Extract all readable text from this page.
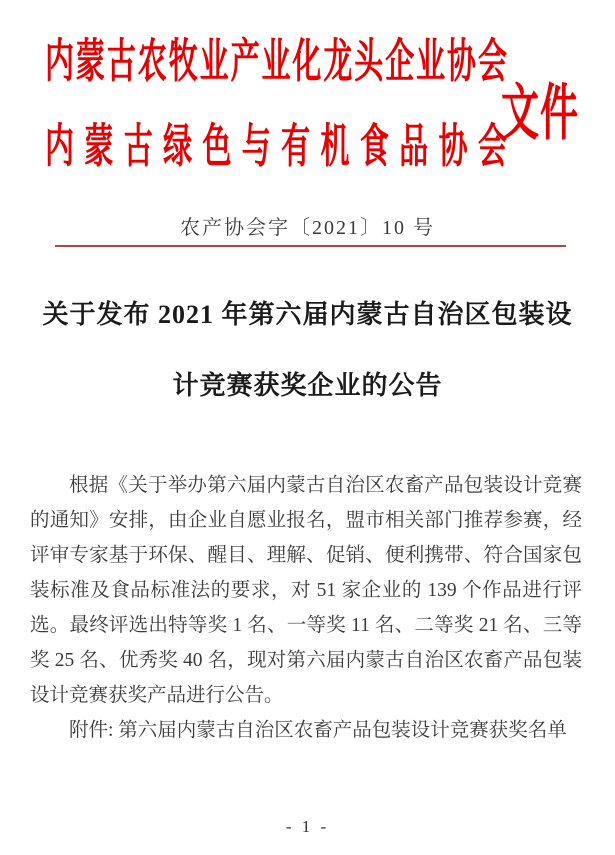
内蒙古农牧业产业化龙头企业协会
内蒙古绿色与有机食品协会
文件
农产协会字〔2021〕10 号
关于发布 2021 年第六届内蒙古自治区包装设
计竞赛获奖企业的公告
根据《关于举办第六届内蒙古自治区农畜产品包装设计竞赛
的通知》安排，由企业自愿业报名，盟市相关部门推荐参赛，经
评审专家基于环保、醒目、理解、促销、便利携带、符合国家包
装标准及食品标准法的要求，对 51 家企业的 139 个作品进行评
选。最终评选出特等奖 1 名、一等奖 11 名、二等奖 21 名、三等
奖 25 名、优秀奖 40 名，现对第六届内蒙古自治区农畜产品包装
设计竞赛获奖产品进行公告。
附件: 第六届内蒙古自治区农畜产品包装设计竞赛获奖名单
- 1 -
